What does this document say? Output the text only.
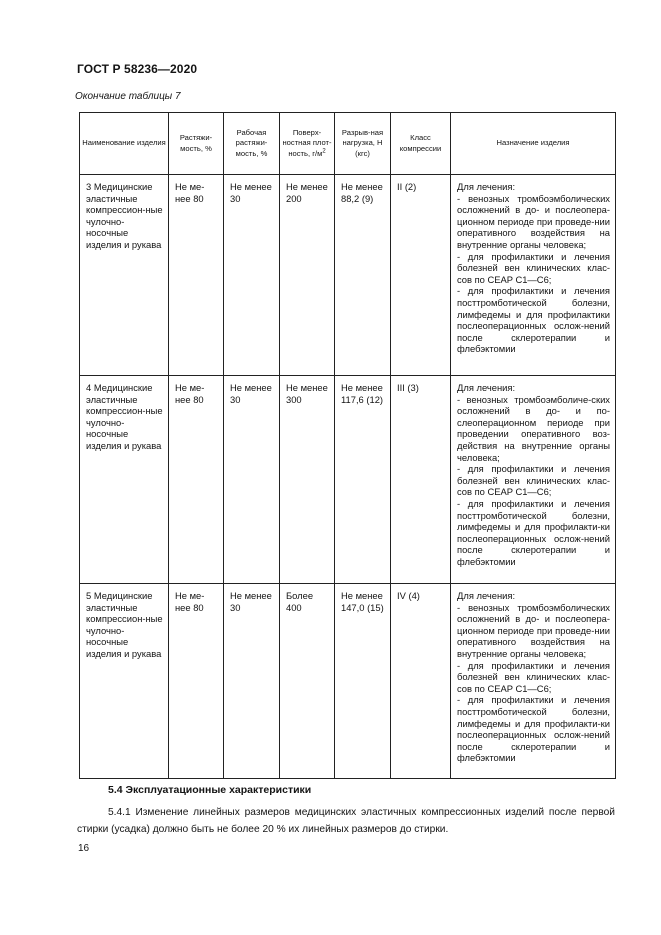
ГОСТ Р 58236—2020
Окончание таблицы 7
Наименование изделия	Растяжи-мость, %	Рабочая растяжи-мость, %	Поверх-ностная плот-ность, $г/м^2$	Разрыв-ная нагрузка, Н (кгс)	Класс компрессии	Назначение изделия
3 Медицинские эластичные компрессион-ные чулочно-носочные изделия и рукава	Не ме-нее 80	Не менее 30	Не менее 200	Не менее 88,2 (9)	II (2)	Для лечения:
- венозных тромбоэмболических осложнений в до- и послеопера-ционном периоде при проведе-нии оперативного воздействия на внутренние органы человека;
- для профилактики и лечения болезней вен клинических клас-сов по CEAP C1—C6;
- для профилактики и лечения посттромботической болезни, лимфедемы и для профилактики послеоперационных ослож-нений после склеротерапии и флебэктомии
4 Медицинские эластичные компрессион-ные чулочно-носочные изделия и рукава	Не ме-нее 80	Не менее 30	Не менее 300	Не менее 117,6 (12)	III (3)	Для лечения:
- венозных тромбоэмболиче-ских осложнений в до- и по-слеоперационном периоде при проведении оперативного воз-действия на внутренние органы человека;
- для профилактики и лечения болезней вен клинических клас-сов по CEAP C1—C6;
- для профилактики и лечения посттромботической болезни, лимфедемы и для профилакти-ки послеоперационных ослож-нений после склеротерапии и флебэктомии
5 Медицинские эластичные компрессион-ные чулочно-носочные изделия и рукава	Не ме-нее 80	Не менее 30	Более 400	Не менее 147,0 (15)	IV (4)	Для лечения:
- венозных тромбоэмболических осложнений в до- и послеопера-ционном периоде при проведе-нии оперативного воздействия на внутренние органы человека;
- для профилактики и лечения болезней вен клинических клас-сов по CEAP C1—C6;
- для профилактики и лечения посттромботической болезни, лимфедемы и для профилакти-ки послеоперационных ослож-нений после склеротерапии и флебэктомии
5.4 Эксплуатационные характеристики
5.4.1 Изменение линейных размеров медицинских эластичных компрессионных изделий после первой стирки (усадка) должно быть не более 20 % их линейных размеров до стирки.
16
